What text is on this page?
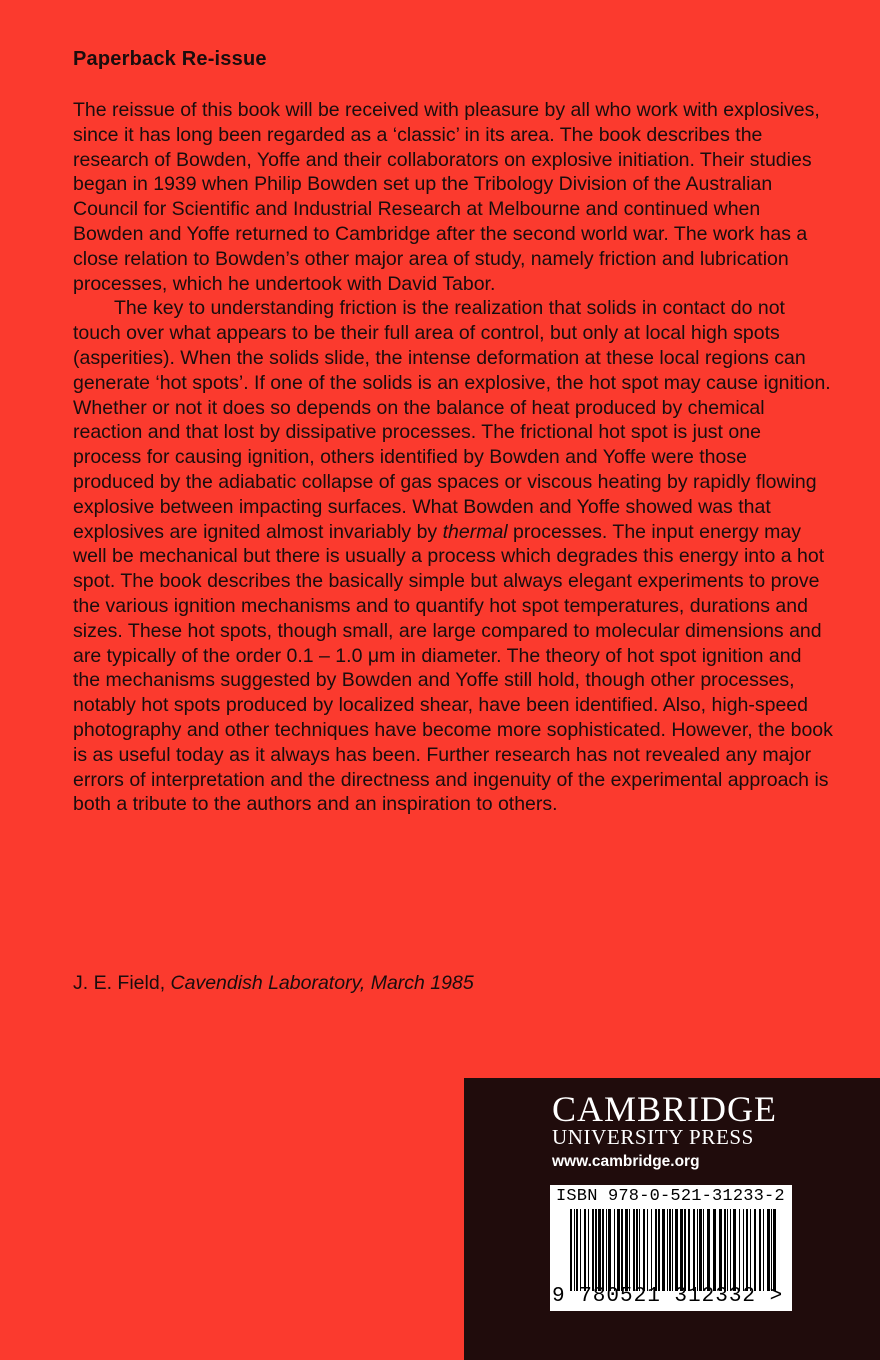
Paperback Re-issue

The reissue of this book will be received with pleasure by all who work with explosives, since it has long been regarded as a ‘classic’ in its area. The book describes the research of Bowden, Yoffe and their collaborators on explosive initiation. Their studies began in 1939 when Philip Bowden set up the Tribology Division of the Australian Council for Scientific and Industrial Research at Melbourne and continued when Bowden and Yoffe returned to Cambridge after the second world war. The work has a close relation to Bowden’s other major area of study, namely friction and lubrication processes, which he undertook with David Tabor.

The key to understanding friction is the realization that solids in contact do not touch over what appears to be their full area of control, but only at local high spots (asperities). When the solids slide, the intense deformation at these local regions can generate ‘hot spots’. If one of the solids is an explosive, the hot spot may cause ignition. Whether or not it does so depends on the balance of heat produced by chemical reaction and that lost by dissipative processes. The frictional hot spot is just one process for causing ignition, others identified by Bowden and Yoffe were those produced by the adiabatic collapse of gas spaces or viscous heating by rapidly flowing explosive between impacting surfaces. What Bowden and Yoffe showed was that explosives are ignited almost invariably by thermal processes. The input energy may well be mechanical but there is usually a process which degrades this energy into a hot spot. The book describes the basically simple but always elegant experiments to prove the various ignition mechanisms and to quantify hot spot temperatures, durations and sizes. These hot spots, though small, are large compared to molecular dimensions and are typically of the order 0.1 – 1.0 μm in diameter. The theory of hot spot ignition and the mechanisms suggested by Bowden and Yoffe still hold, though other processes, notably hot spots produced by localized shear, have been identified. Also, high-speed photography and other techniques have become more sophisticated. However, the book is as useful today as it always has been. Further research has not revealed any major errors of interpretation and the directness and ingenuity of the experimental approach is both a tribute to the authors and an inspiration to others.

J. E. Field, Cavendish Laboratory, March 1985
CAMBRIDGE
UNIVERSITY PRESS
www.cambridge.org
ISBN 978-0-521-31233-2
9 780521 312332 >
